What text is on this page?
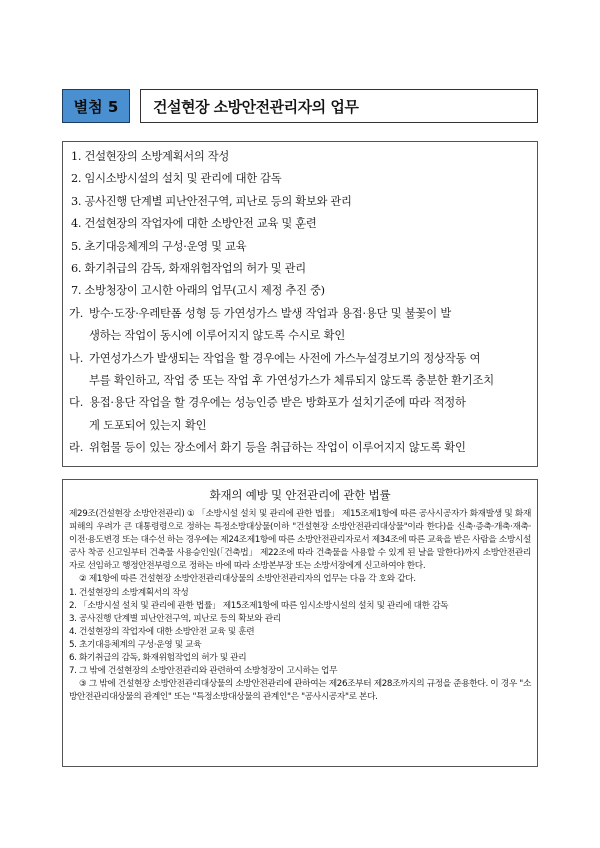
별첨 5	건설현장 소방안전관리자의 업무
1. 건설현장의 소방계획서의 작성
2. 임시소방시설의 설치 및 관리에 대한 감독
3. 공사진행 단계별 피난안전구역, 피난로 등의 확보와 관리
4. 건설현장의 작업자에 대한 소방안전 교육 및 훈련
5. 초기대응체계의 구성·운영 및 교육
6. 화기취급의 감독, 화재위험작업의 허가 및 관리
7. 소방청장이 고시한 아래의 업무(고시 제정 추진 중)
가. 방수·도장·우레탄폼 성형 등 가연성가스 발생 작업과 용접·용단 및 불꽃이 발
생하는 작업이 동시에 이루어지지 않도록 수시로 확인
나. 가연성가스가 발생되는 작업을 할 경우에는 사전에 가스누설경보기의 정상작동 여
부를 확인하고, 작업 중 또는 작업 후 가연성가스가 체류되지 않도록 충분한 환기조치
다. 용접·용단 작업을 할 경우에는 성능인증 받은 방화포가 설치기준에 따라 적정하
게 도포되어 있는지 확인
라. 위험물 등이 있는 장소에서 화기 등을 취급하는 작업이 이루어지지 않도록 확인
화재의 예방 및 안전관리에 관한 법률

제29조(건설현장 소방안전관리) ① 「소방시설 설치 및 관리에 관한 법률」 제15조제1항에 따른 공사시공자가 화재발생 및 화재피해의 우려가 큰 대통령령으로 정하는 특정소방대상물(이하 "건설현장 소방안전관리대상물"이라 한다)을 신축·증축·개축·재축·이전·용도변경 또는 대수선 하는 경우에는 제24조제1항에 따른 소방안전관리자로서 제34조에 따른 교육을 받은 사람을 소방시설공사 착공 신고일부터 건축물 사용승인일(「건축법」 제22조에 따라 건축물을 사용할 수 있게 된 날을 말한다)까지 소방안전관리자로 선임하고 행정안전부령으로 정하는 바에 따라 소방본부장 또는 소방서장에게 신고하여야 한다.

② 제1항에 따른 건설현장 소방안전관리대상물의 소방안전관리자의 업무는 다음 각 호와 같다.

1. 건설현장의 소방계획서의 작성

2. 「소방시설 설치 및 관리에 관한 법률」 제15조제1항에 따른 임시소방시설의 설치 및 관리에 대한 감독

3. 공사진행 단계별 피난안전구역, 피난로 등의 확보와 관리

4. 건설현장의 작업자에 대한 소방안전 교육 및 훈련

5. 초기대응체계의 구성·운영 및 교육

6. 화기취급의 감독, 화재위험작업의 허가 및 관리

7. 그 밖에 건설현장의 소방안전관리와 관련하여 소방청장이 고시하는 업무

③ 그 밖에 건설현장 소방안전관리대상물의 소방안전관리에 관하여는 제26조부터 제28조까지의 규정을 준용한다. 이 경우 "소방안전관리대상물의 관계인" 또는 "특정소방대상물의 관계인"은 "공사시공자"로 본다.
